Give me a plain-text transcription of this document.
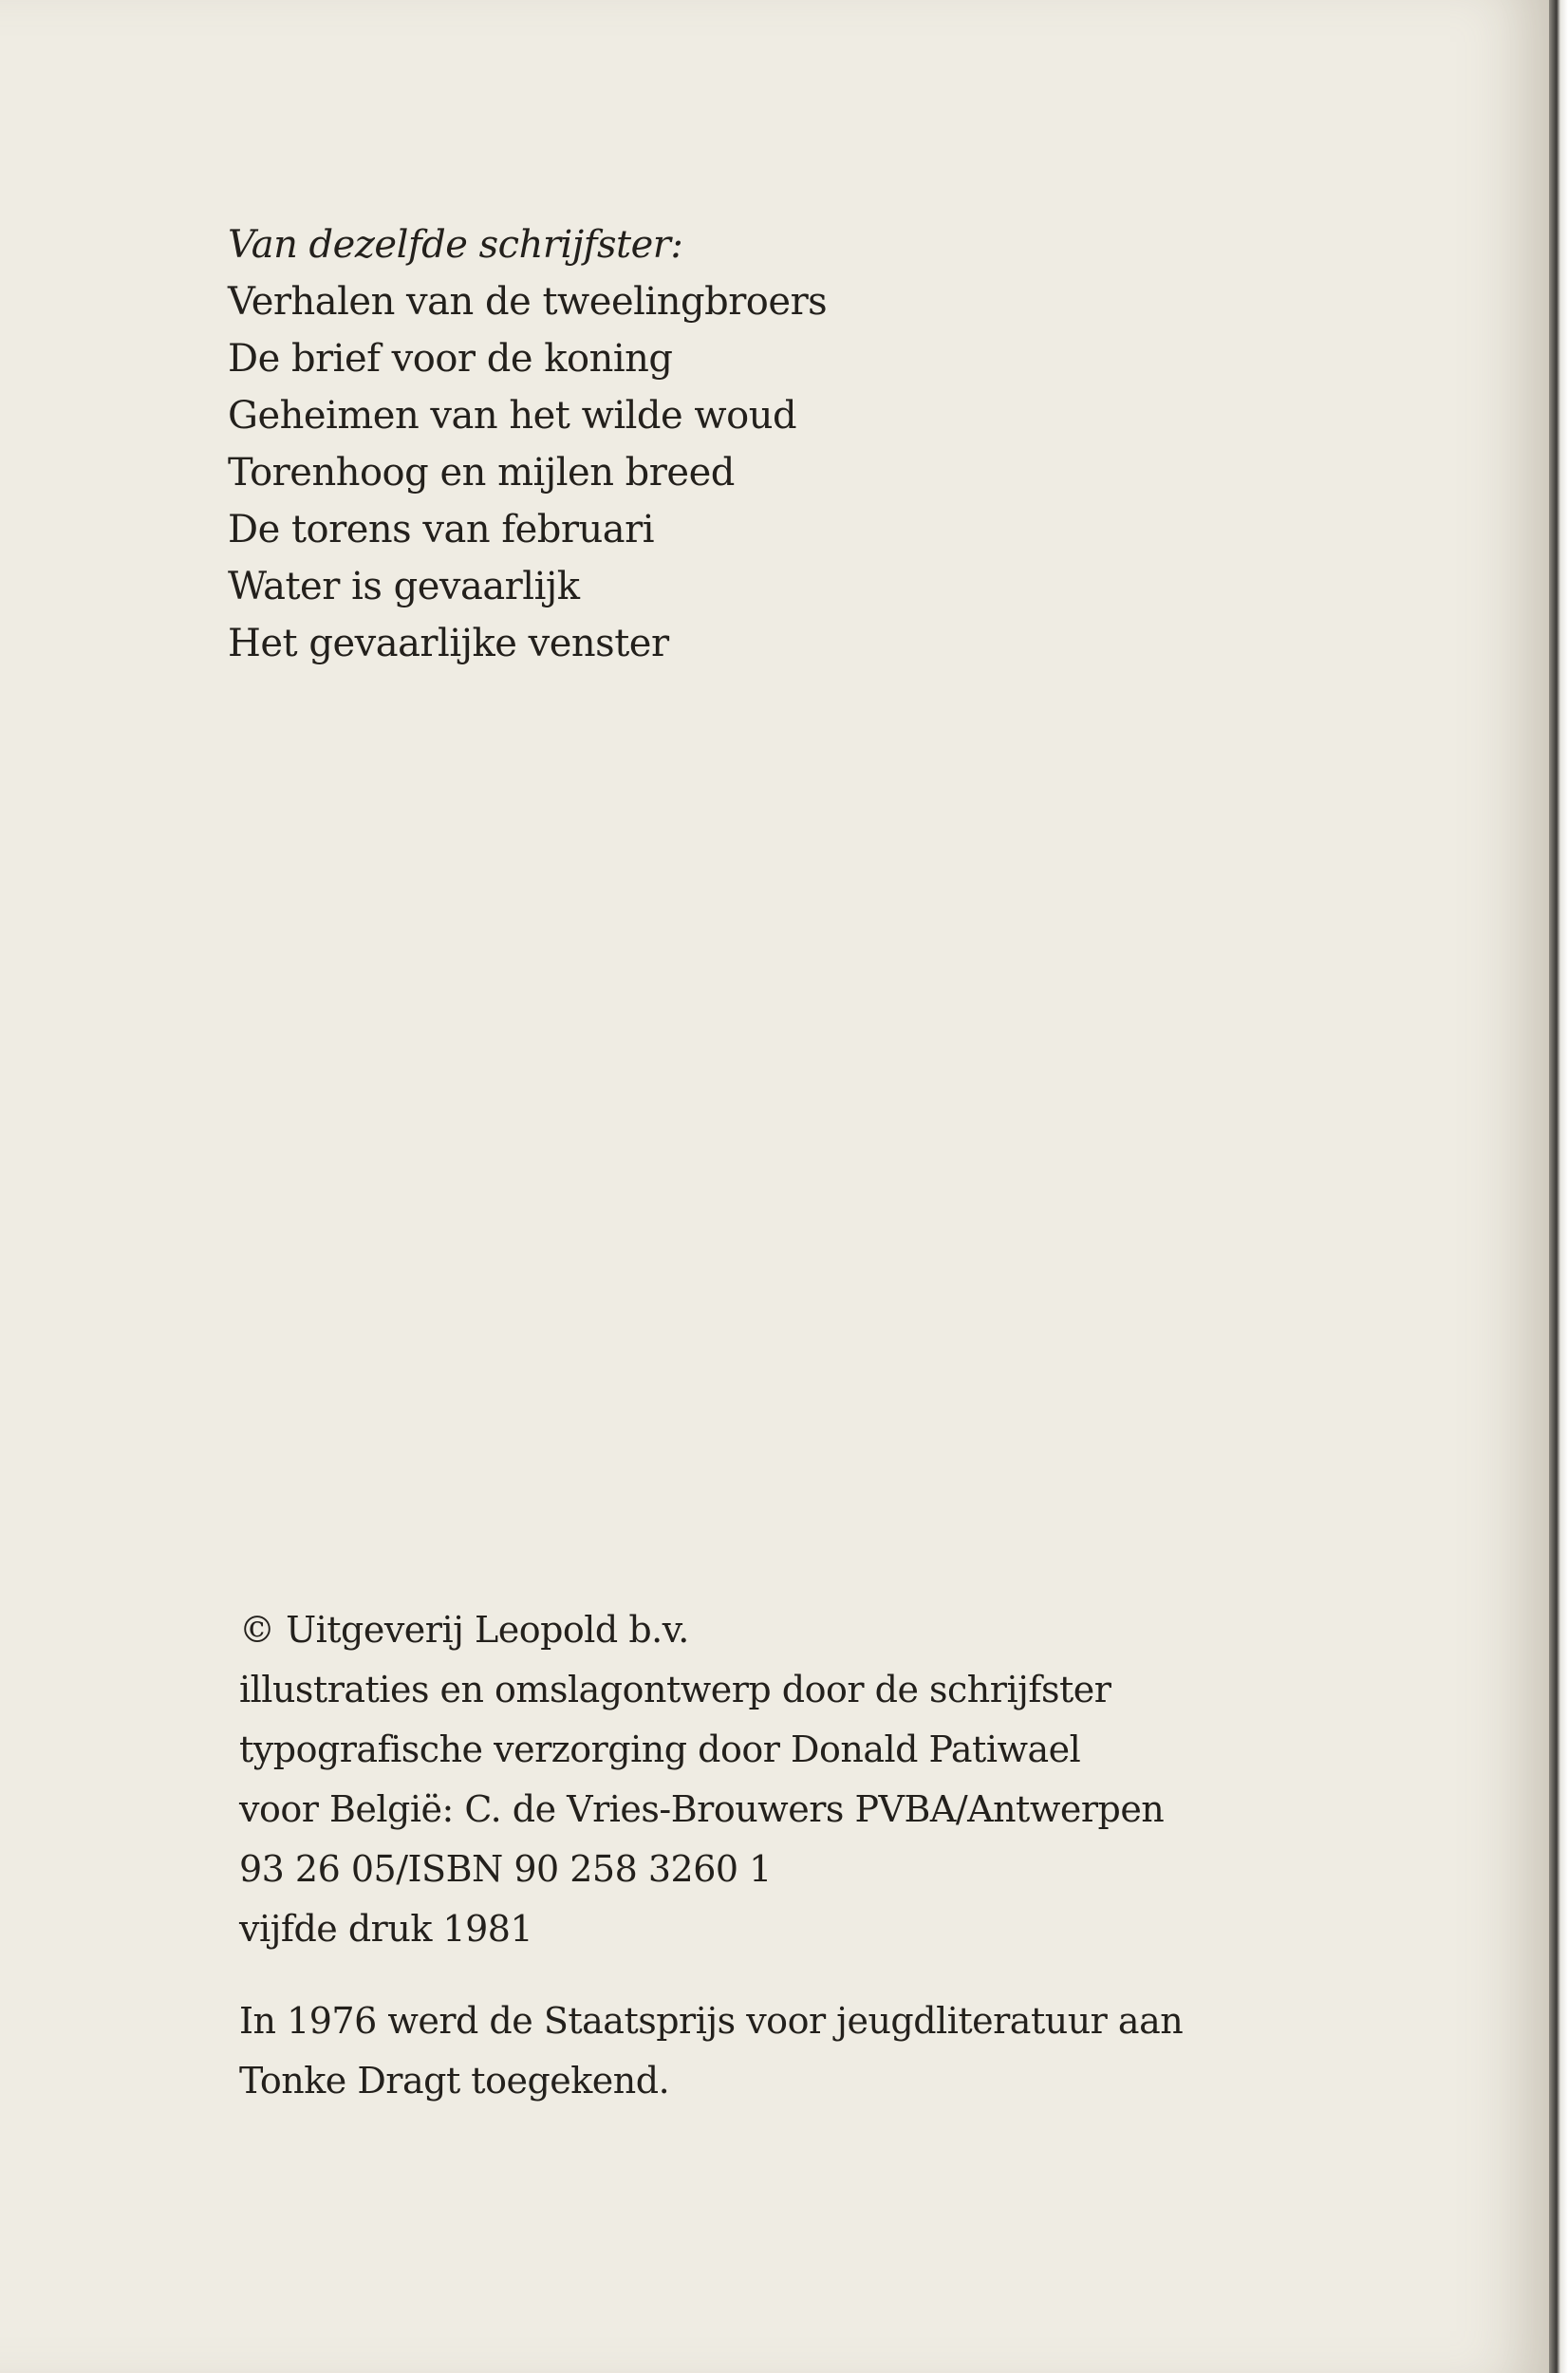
Van dezelfde schrijfster:
Verhalen van de tweelingbroers
De brief voor de koning
Geheimen van het wilde woud
Torenhoog en mijlen breed
De torens van februari
Water is gevaarlijk
Het gevaarlijke venster
© Uitgeverij Leopold b.v.
illustraties en omslagontwerp door de schrijfster
typografische verzorging door Donald Patiwael
voor België: C. de Vries-Brouwers PVBA/Antwerpen
93 26 05/ISBN 90 258 3260 1
vijfde druk 1981
In 1976 werd de Staatsprijs voor jeugdliteratuur aan Tonke Dragt toegekend.
